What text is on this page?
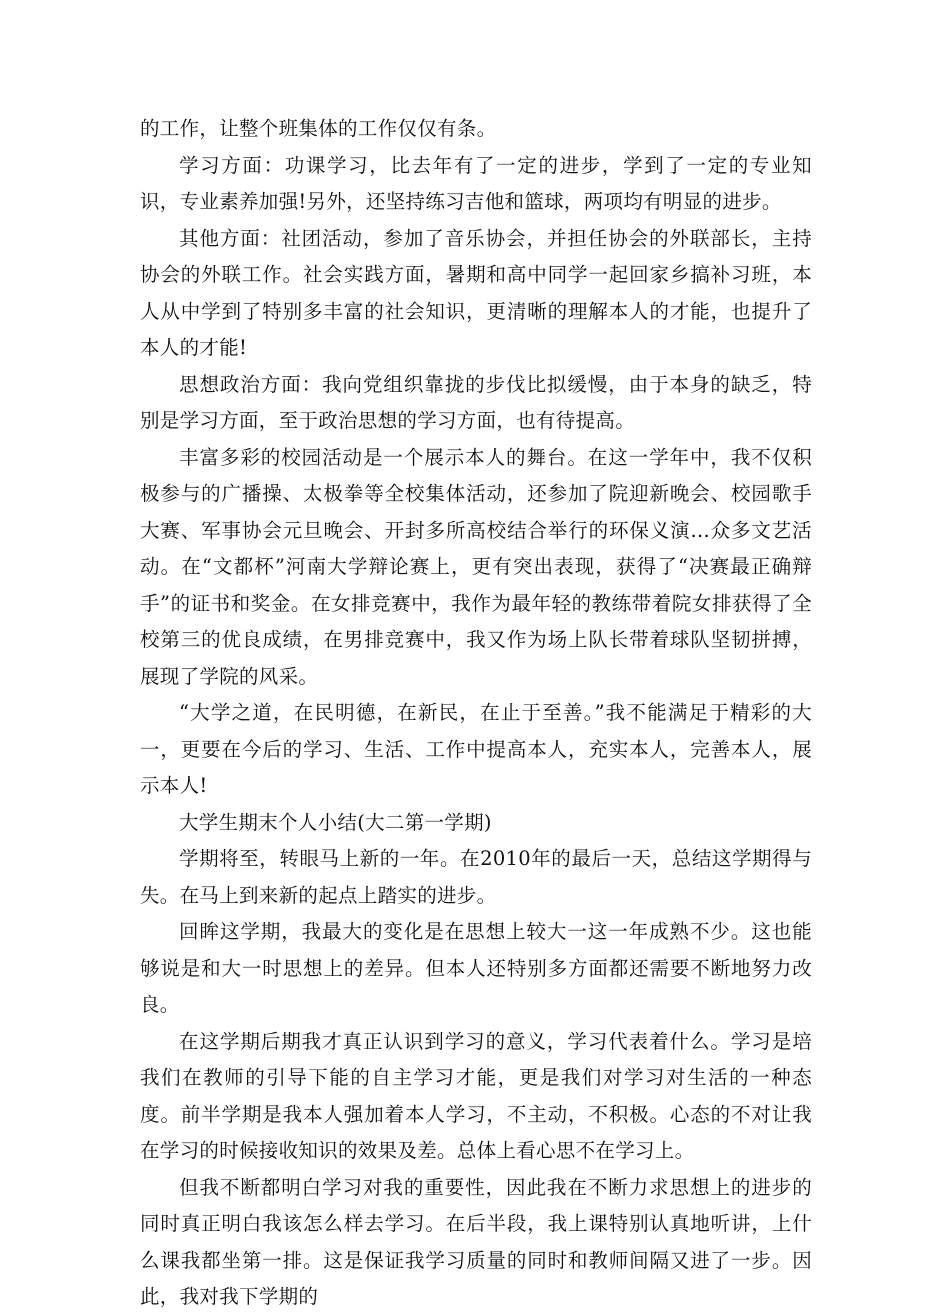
的工作，让整个班集体的工作仅仅有条。

学习方面：功课学习，比去年有了一定的进步，学到了一定的专业知识，专业素养加强!另外，还坚持练习吉他和篮球，两项均有明显的进步。

其他方面：社团活动，参加了音乐协会，并担任协会的外联部长，主持协会的外联工作。社会实践方面，暑期和高中同学一起回家乡搞补习班，本人从中学到了特别多丰富的社会知识，更清晰的理解本人的才能，也提升了本人的才能!

思想政治方面：我向党组织靠拢的步伐比拟缓慢，由于本身的缺乏，特别是学习方面，至于政治思想的学习方面，也有待提高。

丰富多彩的校园活动是一个展示本人的舞台。在这一学年中，我不仅积极参与的广播操、太极拳等全校集体活动，还参加了院迎新晚会、校园歌手大赛、军事协会元旦晚会、开封多所高校结合举行的环保义演...众多文艺活动。在“文都杯”河南大学辩论赛上，更有突出表现，获得了“决赛最正确辩手”的证书和奖金。在女排竞赛中，我作为最年轻的教练带着院女排获得了全校第三的优良成绩，在男排竞赛中，我又作为场上队长带着球队坚韧拼搏，展现了学院的风采。

“大学之道，在民明德，在新民，在止于至善。”我不能满足于精彩的大一，更要在今后的学习、生活、工作中提高本人，充实本人，完善本人，展示本人!

大学生期末个人小结(大二第一学期)

学期将至，转眼马上新的一年。在2010年的最后一天，总结这学期得与失。在马上到来新的起点上踏实的进步。

回眸这学期，我最大的变化是在思想上较大一这一年成熟不少。这也能够说是和大一时思想上的差异。但本人还特别多方面都还需要不断地努力改良。

在这学期后期我才真正认识到学习的意义，学习代表着什么。学习是培我们在教师的引导下能的自主学习才能，更是我们对学习对生活的一种态度。前半学期是我本人强加着本人学习，不主动，不积极。心态的不对让我在学习的时候接收知识的效果及差。总体上看心思不在学习上。

但我不断都明白学习对我的重要性，因此我在不断力求思想上的进步的同时真正明白我该怎么样去学习。在后半段，我上课特别认真地听讲，上什么课我都坐第一排。这是保证我学习质量的同时和教师间隔又进了一步。因此，我对我下学期的
